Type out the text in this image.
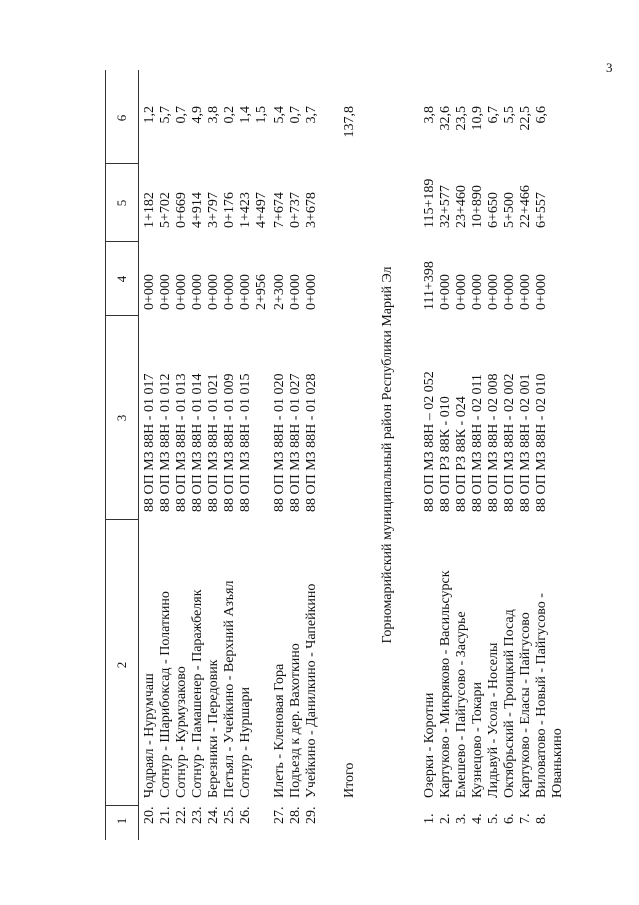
3
1
2
3
4
5
6
20.
Чодраял - Нурумчаш
88 ОП МЗ 88Н - 01 017
0+000
1+182
1,2
21.
Сотнур - Шарибоксад - Полаткино
88 ОП МЗ 88Н - 01 012
0+000
5+702
5,7
22.
Сотнур - Курмузаково
88 ОП МЗ 88Н - 01 013
0+000
0+669
0,7
23.
Сотнур - Памашенер - Паражбеляк
88 ОП МЗ 88Н - 01 014
0+000
4+914
4,9
24.
Березники - Передовик
88 ОП МЗ 88Н - 01 021
0+000
3+797
3,8
25.
Петъял - Учейкино - Верхний Азъял
88 ОП МЗ 88Н - 01 009
0+000
0+176
0,2
26.
Сотнур - Нуршари
88 ОП МЗ 88Н - 01 015
0+000
1+423
1,4
2+956
4+497
1,5
27.
Илеть - Кленовая Гора
88 ОП МЗ 88Н - 01 020
2+300
7+674
5,4
28.
Подъезд к дер. Вахоткино
88 ОП МЗ 88Н - 01 027
0+000
0+737
0,7
29.
Учейкино - Данилкино - Чапейкино
88 ОП МЗ 88Н - 01 028
0+000
3+678
3,7
Итого
137,8
Горномарийский муниципальный район Республики Марий Эл
1.
Озерки - Коротни
88 ОП МЗ 88Н – 02 052
111+398
115+189
3,8
2.
Картуково - Микряково - Васильсурск
88 ОП РЗ 88К - 010
0+000
32+577
32,6
3.
Емешево - Пайгусово - Засурье
88 ОП РЗ 88К - 024
0+000
23+460
23,5
4.
Кузнецово - Токари
88 ОП МЗ 88Н - 02 011
0+000
10+890
10,9
5.
Лидьвуй - Усола - Носелы
88 ОП МЗ 88Н - 02 008
0+000
6+650
6,7
6.
Октябрьский - Троицкий Посад
88 ОП МЗ 88Н - 02 002
0+000
5+500
5,5
7.
Картуково - Еласы - Пайгусово
88 ОП МЗ 88Н - 02 001
0+000
22+466
22,5
8.
Виловатово - Новый - Пайгусово -
88 ОП МЗ 88Н - 02 010
0+000
6+557
6,6
Юванькино
